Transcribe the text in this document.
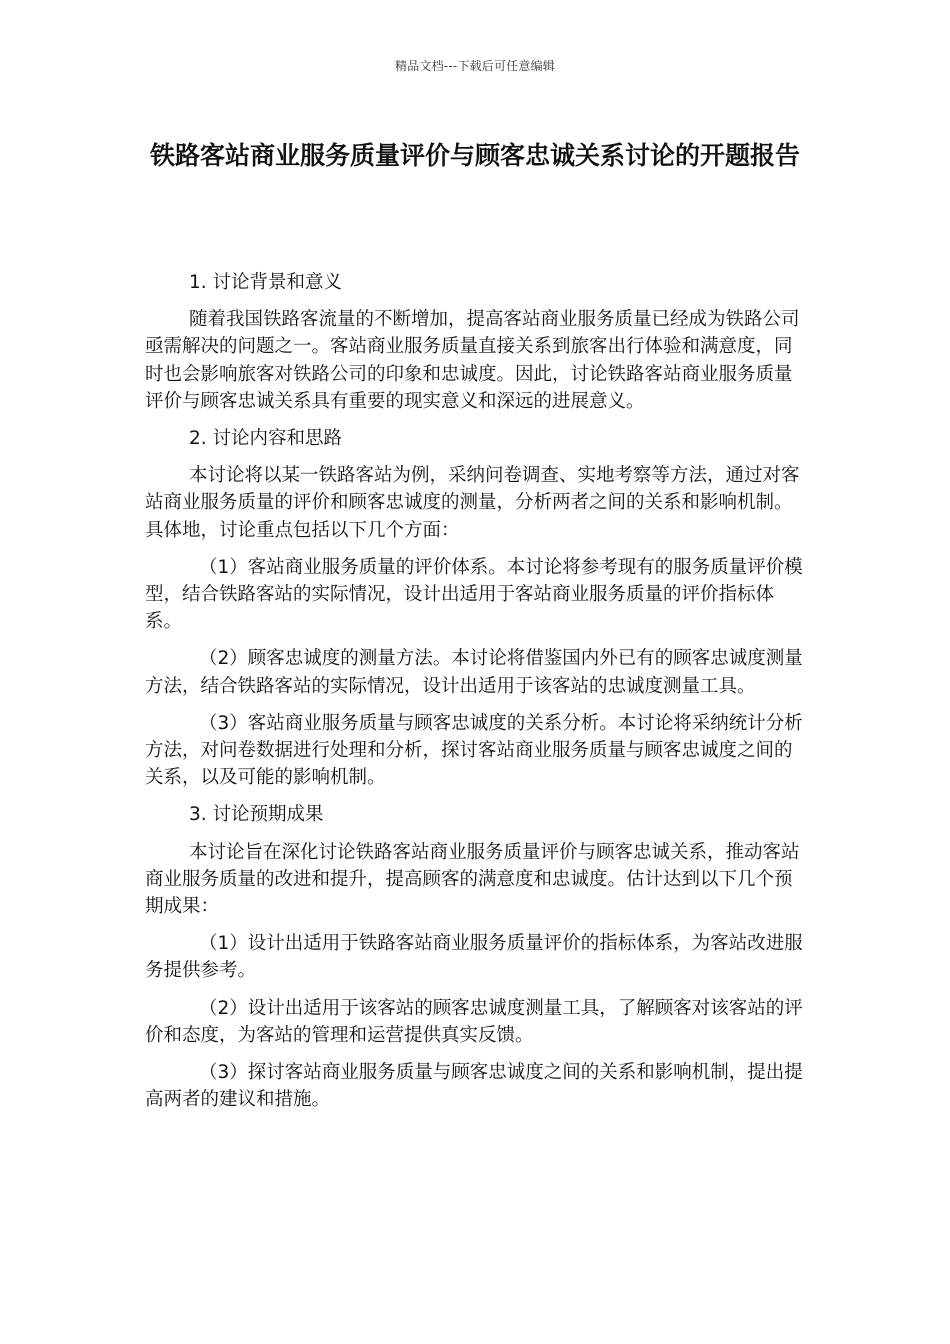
精品文档---下载后可任意编辑
铁路客站商业服务质量评价与顾客忠诚关系讨论的开题报告

1. 讨论背景和意义

随着我国铁路客流量的不断增加，提高客站商业服务质量已经成为铁路公司亟需解决的问题之一。客站商业服务质量直接关系到旅客出行体验和满意度，同时也会影响旅客对铁路公司的印象和忠诚度。因此，讨论铁路客站商业服务质量评价与顾客忠诚关系具有重要的现实意义和深远的进展意义。

2. 讨论内容和思路

本讨论将以某一铁路客站为例，采纳问卷调查、实地考察等方法，通过对客站商业服务质量的评价和顾客忠诚度的测量，分析两者之间的关系和影响机制。具体地，讨论重点包括以下几个方面：

（1）客站商业服务质量的评价体系。本讨论将参考现有的服务质量评价模型，结合铁路客站的实际情况，设计出适用于客站商业服务质量的评价指标体系。

（2）顾客忠诚度的测量方法。本讨论将借鉴国内外已有的顾客忠诚度测量方法，结合铁路客站的实际情况，设计出适用于该客站的忠诚度测量工具。

（3）客站商业服务质量与顾客忠诚度的关系分析。本讨论将采纳统计分析方法，对问卷数据进行处理和分析，探讨客站商业服务质量与顾客忠诚度之间的关系，以及可能的影响机制。

3. 讨论预期成果

本讨论旨在深化讨论铁路客站商业服务质量评价与顾客忠诚关系，推动客站商业服务质量的改进和提升，提高顾客的满意度和忠诚度。估计达到以下几个预期成果：

（1）设计出适用于铁路客站商业服务质量评价的指标体系，为客站改进服务提供参考。

（2）设计出适用于该客站的顾客忠诚度测量工具，了解顾客对该客站的评价和态度，为客站的管理和运营提供真实反馈。

（3）探讨客站商业服务质量与顾客忠诚度之间的关系和影响机制，提出提高两者的建议和措施。
